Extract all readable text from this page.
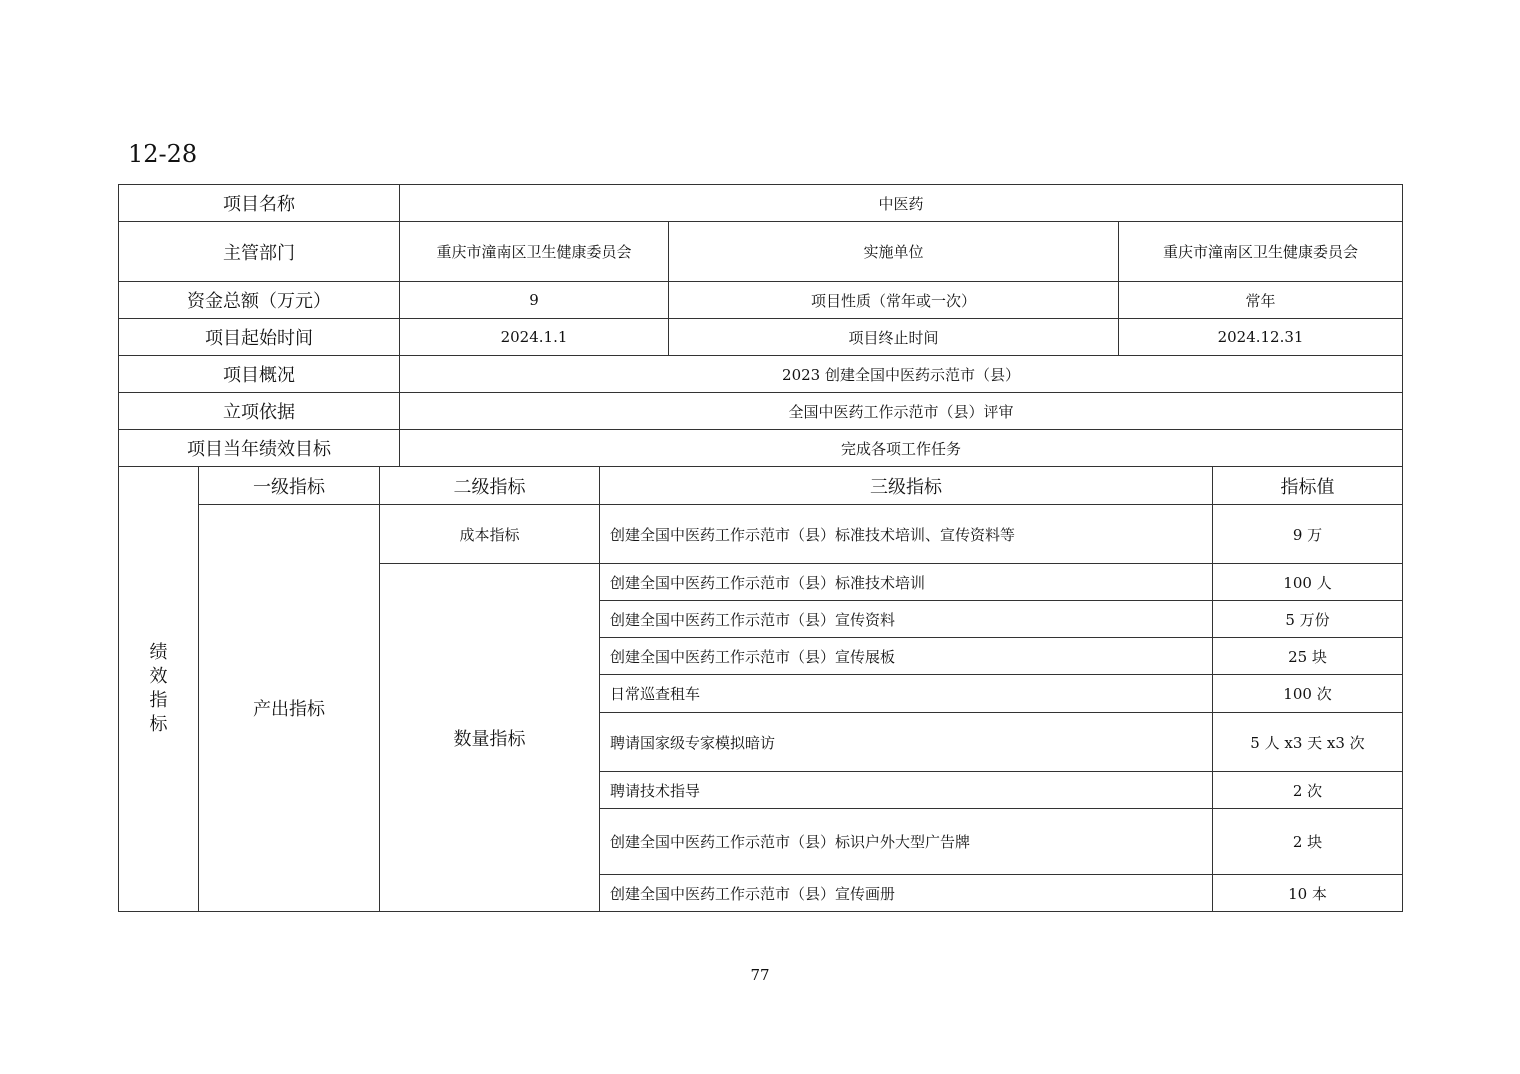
12-28
项目名称	中医药		
主管部门	重庆市潼南区卫生健康委员会	实施单位	重庆市潼南区卫生健康委员会
资金总额（万元）	9	项目性质（常年或一次）	常年
项目起始时间	2024.1.1	项目终止时间	2024.12.31
项目概况	2023 创建全国中医药示范市（县）		
立项依据	全国中医药工作示范市（县）评审		
项目当年绩效目标	完成各项工作任务		
绩效指标	一级指标	二级指标	三级指标	指标值
	产出指标	成本指标	创建全国中医药工作示范市（县）标准技术培训、宣传资料等	9 万
		数量指标	创建全国中医药工作示范市（县）标准技术培训	100 人
			创建全国中医药工作示范市（县）宣传资料	5 万份
			创建全国中医药工作示范市（县）宣传展板	25 块
			日常巡查租车	100 次
			聘请国家级专家模拟暗访	5 人 x3 天 x3 次
			聘请技术指导	2 次
			创建全国中医药工作示范市（县）标识户外大型广告牌	2 块
			创建全国中医药工作示范市（县）宣传画册	10 本
77
